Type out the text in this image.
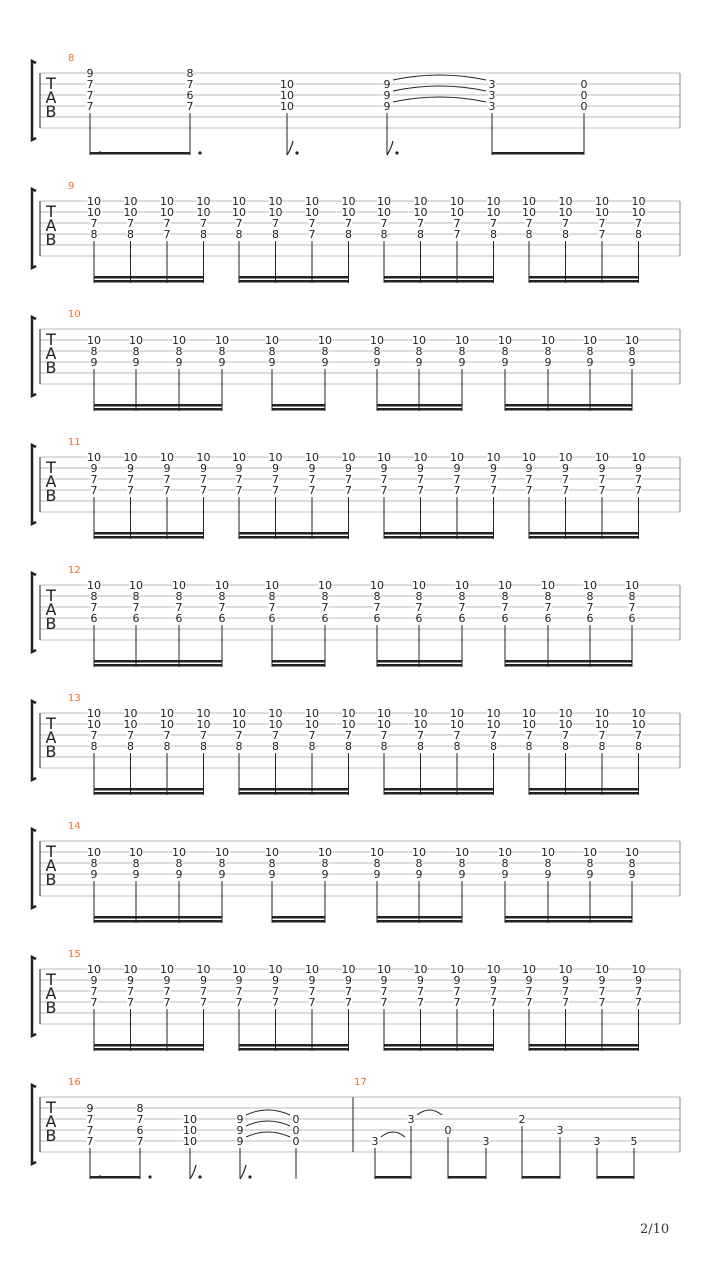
T
A
B
8
9
7
7
7
8
7
6
7
10
10
10
9
9
9
3
3
3
0
0
0
T
A
B
9
10
10
7
8
10
10
7
8
10
10
7
7
10
10
7
8
10
10
7
8
10
10
7
8
10
10
7
7
10
10
7
8
10
10
7
8
10
10
7
8
10
10
7
7
10
10
7
8
10
10
7
8
10
10
7
8
10
10
7
7
10
10
7
8
T
A
B
10
10
8
9
10
8
9
10
8
9
10
8
9
10
8
9
10
8
9
10
8
9
10
8
9
10
8
9
10
8
9
10
8
9
10
8
9
10
8
9
T
A
B
11
10
9
7
7
10
9
7
7
10
9
7
7
10
9
7
7
10
9
7
7
10
9
7
7
10
9
7
7
10
9
7
7
10
9
7
7
10
9
7
7
10
9
7
7
10
9
7
7
10
9
7
7
10
9
7
7
10
9
7
7
10
9
7
7
T
A
B
12
10
8
7
6
10
8
7
6
10
8
7
6
10
8
7
6
10
8
7
6
10
8
7
6
10
8
7
6
10
8
7
6
10
8
7
6
10
8
7
6
10
8
7
6
10
8
7
6
10
8
7
6
T
A
B
13
10
10
7
8
10
10
7
8
10
10
7
8
10
10
7
8
10
10
7
8
10
10
7
8
10
10
7
8
10
10
7
8
10
10
7
8
10
10
7
8
10
10
7
8
10
10
7
8
10
10
7
8
10
10
7
8
10
10
7
8
10
10
7
8
T
A
B
14
10
8
9
10
8
9
10
8
9
10
8
9
10
8
9
10
8
9
10
8
9
10
8
9
10
8
9
10
8
9
10
8
9
10
8
9
10
8
9
T
A
B
15
10
9
7
7
10
9
7
7
10
9
7
7
10
9
7
7
10
9
7
7
10
9
7
7
10
9
7
7
10
9
7
7
10
9
7
7
10
9
7
7
10
9
7
7
10
9
7
7
10
9
7
7
10
9
7
7
10
9
7
7
10
9
7
7
T
A
B
16
9
7
7
7
8
7
6
7
10
10
10
9
9
9
0
0
0
17
3
3
0
3
2
3
3	5
2/10
